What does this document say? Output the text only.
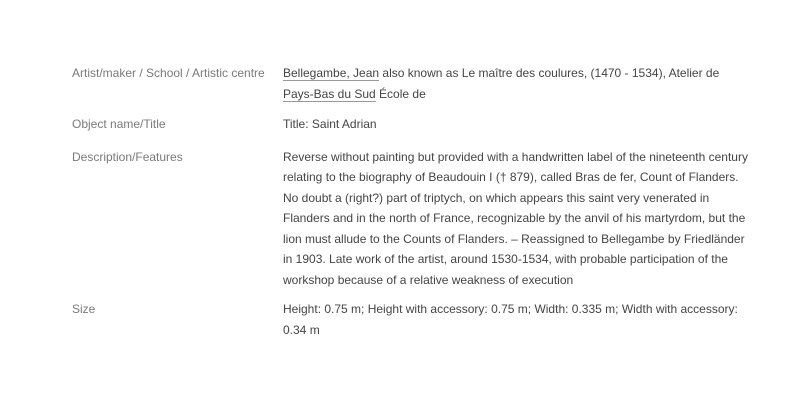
Artist/maker / School / Artistic centre	Bellegambe, Jean also known as Le maître des coulures, (1470 - 1534), Atelier de Pays-Bas du Sud École de
Object name/Title	Title: Saint Adrian
Description/Features	Reverse without painting but provided with a handwritten label of the nineteenth century relating to the biography of Beaudouin I († 879), called Bras de fer, Count of Flanders.
No doubt a (right?) part of triptych, on which appears this saint very venerated in Flanders and in the north of France, recognizable by the anvil of his martyrdom, but the lion must allude to the Counts of Flanders. – Reassigned to Bellegambe by Friedländer in 1903. Late work of the artist, around 1530-1534, with probable participation of the workshop because of a relative weakness of execution
Size	Height: 0.75 m; Height with accessory: 0.75 m; Width: 0.335 m; Width with accessory: 0.34 m
